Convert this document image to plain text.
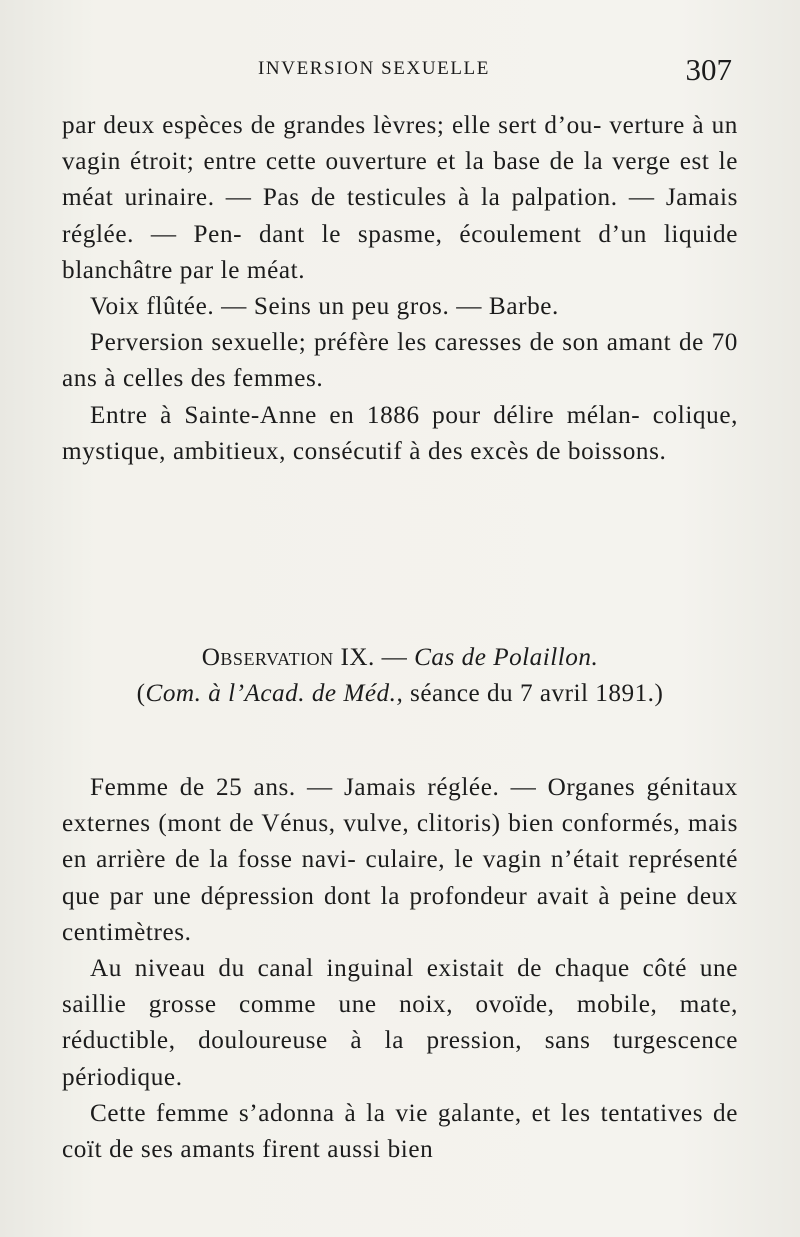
INVERSION SEXUELLE	307

par deux espèces de grandes lèvres; elle sert d’ou- verture à un vagin étroit; entre cette ouverture et la base de la verge est le méat urinaire. — Pas de testicules à la palpation. — Jamais réglée. — Pen- dant le spasme, écoulement d’un liquide blanchâtre par le méat.

Voix flûtée. — Seins un peu gros. — Barbe.

Perversion sexuelle; préfère les caresses de son amant de 70 ans à celles des femmes.

Entre à Sainte-Anne en 1886 pour délire mélan- colique, mystique, ambitieux, consécutif à des excès de boissons.

Observation IX. — Cas de Polaillon.
(Com. à l’Acad. de Méd., séance du 7 avril 1891.)

Femme de 25 ans. — Jamais réglée. — Organes génitaux externes (mont de Vénus, vulve, clitoris) bien conformés, mais en arrière de la fosse navi- culaire, le vagin n’était représenté que par une dépression dont la profondeur avait à peine deux centimètres.

Au niveau du canal inguinal existait de chaque côté une saillie grosse comme une noix, ovoïde, mobile, mate, réductible, douloureuse à la pression, sans turgescence périodique.

Cette femme s’adonna à la vie galante, et les tentatives de coït de ses amants firent aussi bien
